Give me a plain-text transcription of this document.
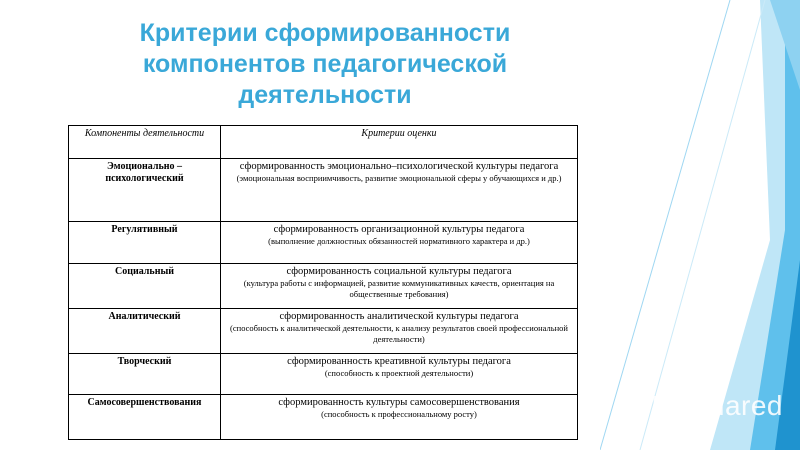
Критерии сформированности компонентов педагогической деятельности
Компоненты деятельности	Критерии оценки
Эмоционально – психологический	сформированность эмоционально–психологической культуры педагога
(эмоциональная восприимчивость, развитие эмоциональной сферы у обучающихся и др.)

Регулятивный	сформированность организационной культуры педагога
(выполнение должностных обязанностей нормативного характера и др.)

Социальный	сформированность социальной культуры педагога
(культура работы с информацией, развитие коммуникативных качеств, ориентация на общественные требования)

Аналитический	сформированность аналитической культуры педагога
(способность к аналитической деятельности, к анализу результатов своей профессиональной деятельности)

Творческий	сформированность креативной культуры педагога
(способность к проектной деятельности)

Самосовершенствования	сформированность культуры самосовершенствования
(способность к профессиональному росту)	MyShared
